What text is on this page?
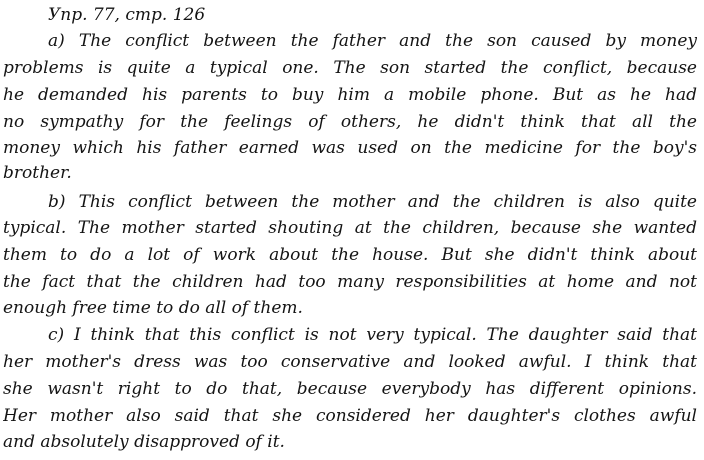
Упр. 77, стр. 126
a) The conflict between the father and the son caused by money
problems is quite a typical one. The son started the conflict, because
he demanded his parents to buy him a mobile phone. But as he had
no sympathy for the feelings of others, he didn't think that all the
money which his father earned was used on the medicine for the boy's
brother.
b) This conflict between the mother and the children is also quite
typical. The mother started shouting at the children, because she wanted
them to do a lot of work about the house. But she didn't think about
the fact that the children had too many responsibilities at home and not
enough free time to do all of them.
c) I think that this conflict is not very typical. The daughter said that
her mother's dress was too conservative and looked awful. I think that
she wasn't right to do that, because everybody has different opinions.
Her mother also said that she considered her daughter's clothes awful
and absolutely disapproved of it.
